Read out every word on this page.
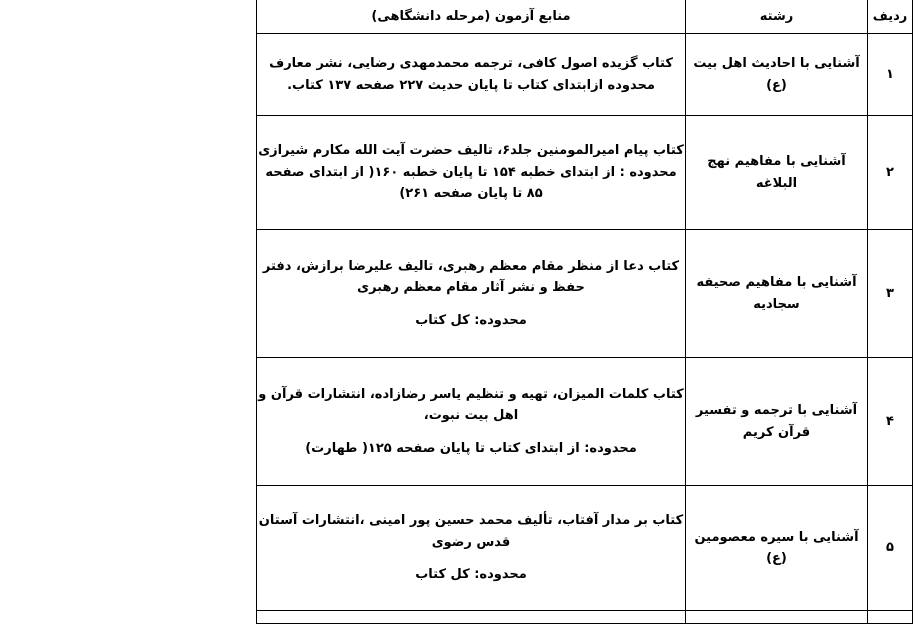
ردیف	رشته	منابع آزمون (مرحله دانشگاهی)
۱	آشنایی با احادیث اهل بیت (ع)	کتاب گزیده اصول کافی، ترجمه محمدمهدی رضایی، نشر معارف محدوده ازابتدای کتاب تا پایان حدیث ۲۲۷ صفحه ۱۳۷ کتاب.

۲	آشنایی با مفاهیم نهج البلاغه	کتاب پیام امیرالمومنین جلد۶، تالیف حضرت آیت الله مکارم شیرازی محدوده : از ابتدای خطبه ۱۵۴ تا پایان خطبه ۱۶۰( از ابتدای صفحه ۸۵ تا پایان صفحه ۲۶۱)

۳	آشنایی با مفاهیم صحیفه سجادیه	کتاب دعا از منظر مقام معظم رهبری، تالیف علیرضا برازش، دفتر حفظ و نشر آثار مقام معظم رهبری
محدوده: کل کتاب

۴	آشنایی با ترجمه و تفسیر قرآن کریم	کتاب کلمات المیزان، تهیه و تنظیم یاسر رضازاده، انتشارات قرآن و اهل بیت نبوت،
محدوده: از ابتدای کتاب تا پایان صفحه ۱۲۵( طهارت)

۵	آشنایی با سیره معصومین (ع)	کتاب بر مدار آفتاب، تألیف محمد حسین پور امینی ،انتشارات آستان قدس رضوی
محدوده: کل کتاب
